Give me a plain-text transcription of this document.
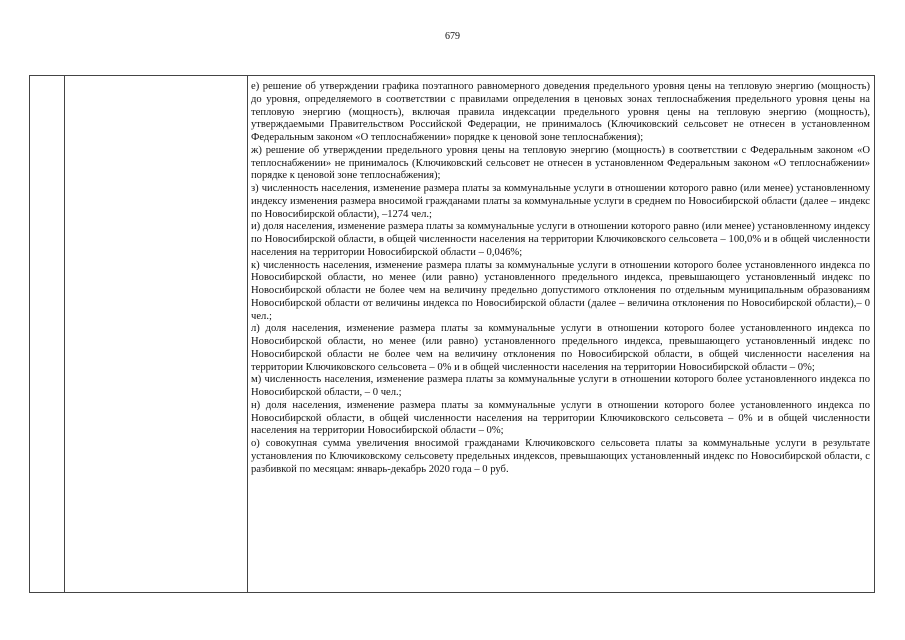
679

е) решение об утверждении графика поэтапного равномерного доведения предельного уровня цены на тепловую энергию (мощность) до уровня, определяемого в соответствии с правилами определения в ценовых зонах теплоснабжения предельного уровня цены на тепловую энергию (мощность), включая правила индексации предельного уровня цены на тепловую энергию (мощность), утверждаемыми Правительством Российской Федерации, не принималось (Ключиковский сельсовет не отнесен в установленном Федеральным законом «О теплоснабжении» порядке к ценовой зоне теплоснабжения);

ж) решение об утверждении предельного уровня цены на тепловую энергию (мощность) в соответствии с Федеральным законом «О теплоснабжении» не принималось (Ключиковский сельсовет не отнесен в установленном Федеральным законом «О теплоснабжении» порядке к ценовой зоне теплоснабжения);

з) численность населения, изменение размера платы за коммунальные услуги в отношении которого равно (или менее) установленному индексу изменения размера вносимой гражданами платы за коммунальные услуги в среднем по Новосибирской области (далее – индекс по Новосибирской области), –1274 чел.;

и) доля населения, изменение размера платы за коммунальные услуги в отношении которого равно (или менее) установленному индексу по Новосибирской области, в общей численности населения на территории Ключиковского сельсовета – 100,0% и в общей численности населения на территории Новосибирской области – 0,046%;

к) численность населения, изменение размера платы за коммунальные услуги в отношении которого более установленного индекса по Новосибирской области, но менее (или равно) установленного предельного индекса, превышающего установленный индекс по Новосибирской области не более чем на величину предельно допустимого отклонения по отдельным муниципальным образованиям Новосибирской области от величины индекса по Новосибирской области (далее – величина отклонения по Новосибирской области),– 0 чел.;

л) доля населения, изменение размера платы за коммунальные услуги в отношении которого более установленного индекса по Новосибирской области, но менее (или равно) установленного предельного индекса, превышающего установленный индекс по Новосибирской области не более чем на величину отклонения по Новосибирской области, в общей численности населения на территории Ключиковского сельсовета – 0% и в общей численности населения на территории Новосибирской области – 0%;

м) численность населения, изменение размера платы за коммунальные услуги в отношении которого более установленного индекса по Новосибирской области, – 0 чел.;

н) доля населения, изменение размера платы за коммунальные услуги в отношении которого более установленного индекса по Новосибирской области, в общей численности населения на территории Ключиковского сельсовета – 0% и в общей численности населения на территории Новосибирской области – 0%;

о) совокупная сумма увеличения вносимой гражданами Ключиковского сельсовета платы за коммунальные услуги в результате установления по Ключиковскому сельсовету предельных индексов, превышающих установленный индекс по Новосибирской области, с разбивкой по месяцам: январь-декабрь 2020 года – 0 руб.
